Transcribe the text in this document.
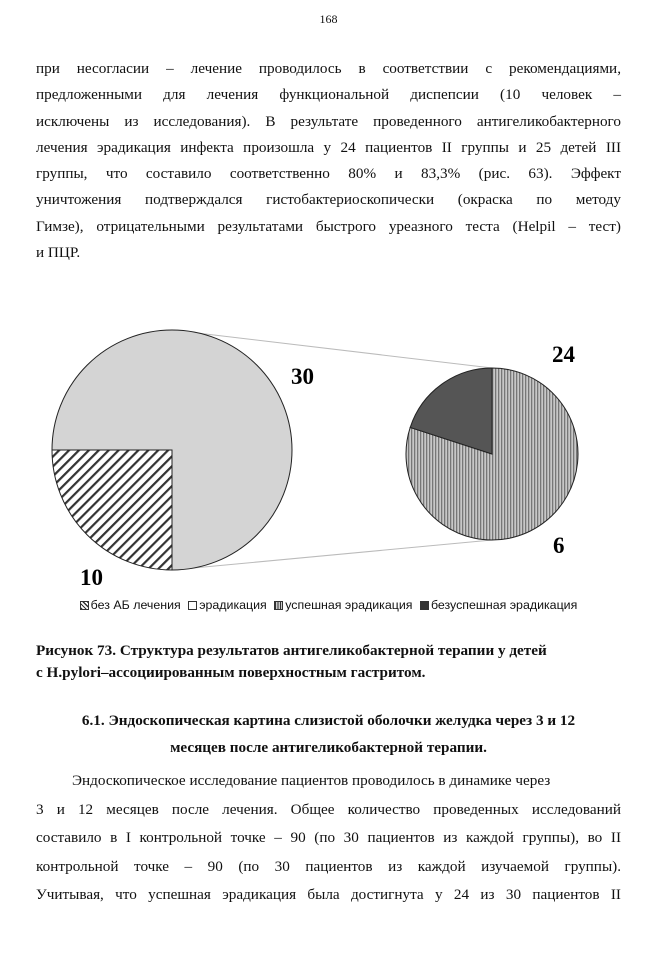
168
при несогласии – лечение проводилось в соответствии с рекомендациями,
предложенными для лечения функциональной диспепсии (10 человек –
исключены из исследования). В результате проведенного антигеликобактерного
лечения эрадикация инфекта произошла у 24 пациентов II группы и 25 детей III
группы, что составило соответственно 80% и 83,3% (рис. 63). Эффект
уничтожения подтверждался гистобактериоскопически (окраска по методу
Гимзе), отрицательными результатами быстрого уреазного теста (Helpil – тест)
и ПЦР.
30
10
24
6
без АБ лечения эрадикация успешная эрадикация безуспешная эрадикация
Рисунок 73. Структура результатов антигеликобактерной терапии у детей
с H.pylori–ассоциированным поверхностным гастритом.
6.1. Эндоскопическая картина слизистой оболочки желудка через 3 и 12
месяцев после антигеликобактерной терапии.
Эндоскопическое исследование пациентов проводилось в динамике через
3 и 12 месяцев после лечения. Общее количество проведенных исследований
составило в I контрольной точке – 90 (по 30 пациентов из каждой группы), во II
контрольной точке – 90 (по 30 пациентов из каждой изучаемой группы).
Учитывая, что успешная эрадикация была достигнута у 24 из 30 пациентов II
